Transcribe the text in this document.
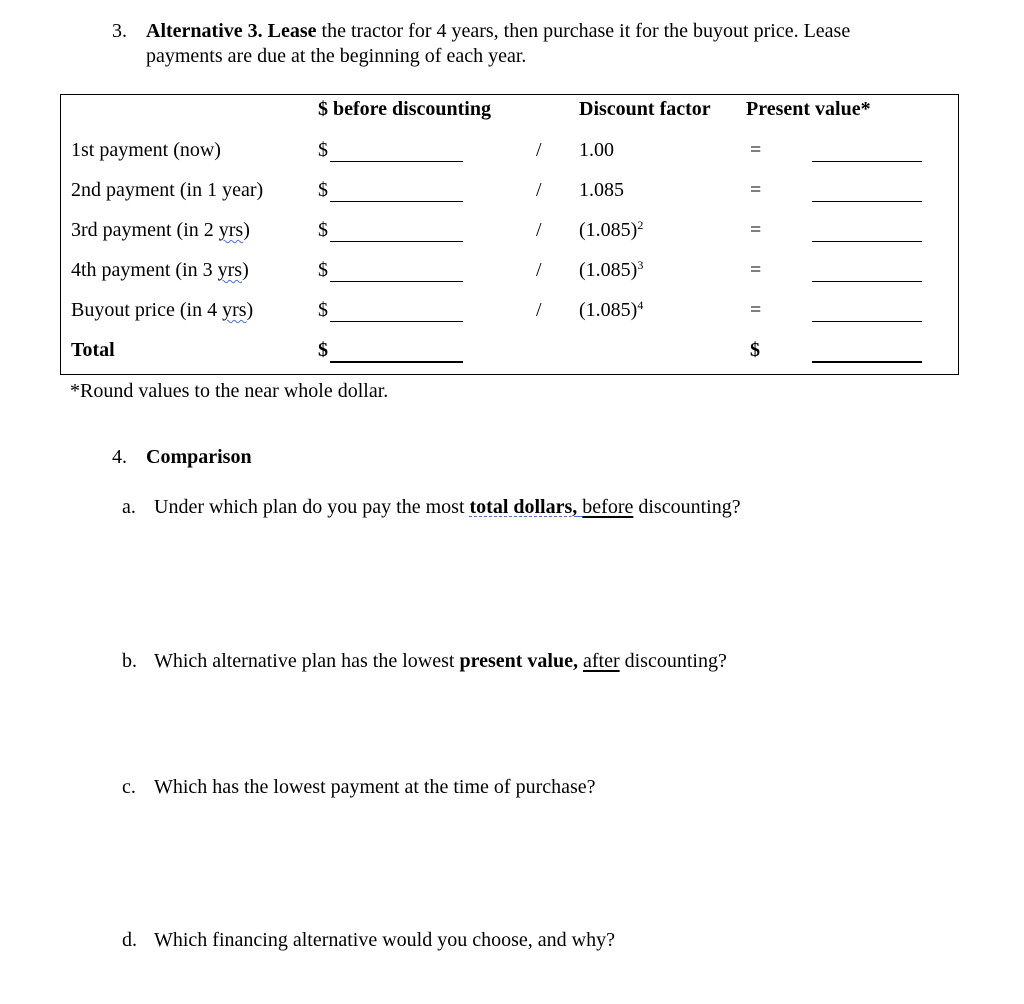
3. Alternative 3. Lease the tractor for 4 years, then purchase it for the buyout price. Lease
payments are due at the beginning of each year.
$ before discounting	Discount factor Present value*
1st payment (now)	$	/ 1.00	=
2nd payment (in 1 year)	$	/ 1.085	=
3rd payment (in 2 yrs)	$	/ $(1.085)^2$	=
4th payment (in 3 yrs)	$	/ $(1.085)^3$	=
Buyout price (in 4 yrs)	$	/ $(1.085)^4$	=
Total	$	$
*Round values to the near whole dollar.
4. Comparison
a. Under which plan do you pay the most total dollars, before discounting?
b. Which alternative plan has the lowest present value, after discounting?
c. Which has the lowest payment at the time of purchase?
d. Which financing alternative would you choose, and why?
